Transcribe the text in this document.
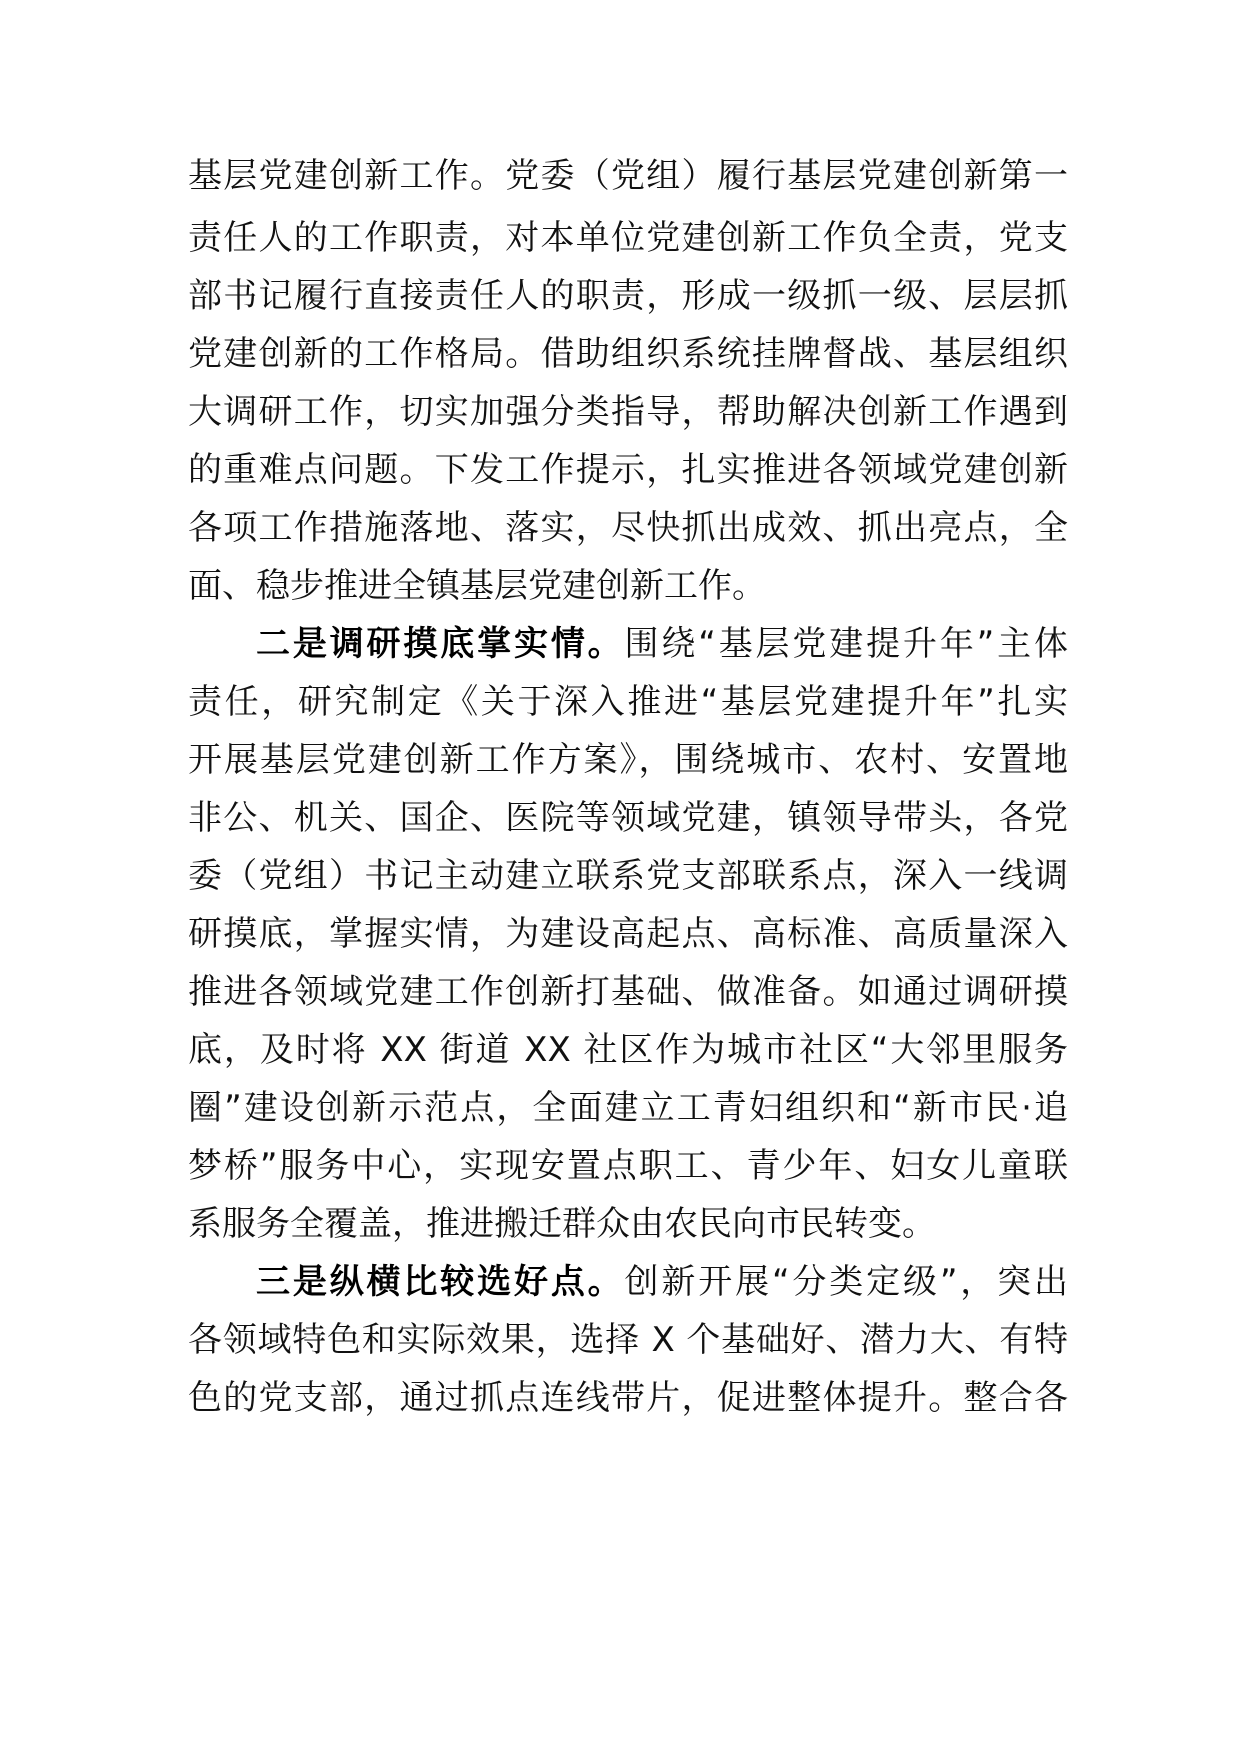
基层党建创新工作。党委（党组）履行基层党建创新第一
责任人的工作职责，对本单位党建创新工作负全责，党支
部书记履行直接责任人的职责，形成一级抓一级、层层抓
党建创新的工作格局。借助组织系统挂牌督战、基层组织
大调研工作，切实加强分类指导，帮助解决创新工作遇到
的重难点问题。下发工作提示，扎实推进各领域党建创新
各项工作措施落地、落实，尽快抓出成效、抓出亮点，全
面、稳步推进全镇基层党建创新工作。
二是调研摸底掌实情。围绕“基层党建提升年”主体
责任，研究制定《关于深入推进“基层党建提升年”扎实
开展基层党建创新工作方案》，围绕城市、农村、安置地
非公、机关、国企、医院等领域党建，镇领导带头，各党
委（党组）书记主动建立联系党支部联系点，深入一线调
研摸底，掌握实情，为建设高起点、高标准、高质量深入
推进各领域党建工作创新打基础、做准备。如通过调研摸
底，及时将 XX 街道 XX 社区作为城市社区“大邻里服务
圈”建设创新示范点，全面建立工青妇组织和“新市民·追
梦桥”服务中心，实现安置点职工、青少年、妇女儿童联
系服务全覆盖，推进搬迁群众由农民向市民转变。
三是纵横比较选好点。创新开展“分类定级”，突出
各领域特色和实际效果，选择 X 个基础好、潜力大、有特
色的党支部，通过抓点连线带片，促进整体提升。整合各
